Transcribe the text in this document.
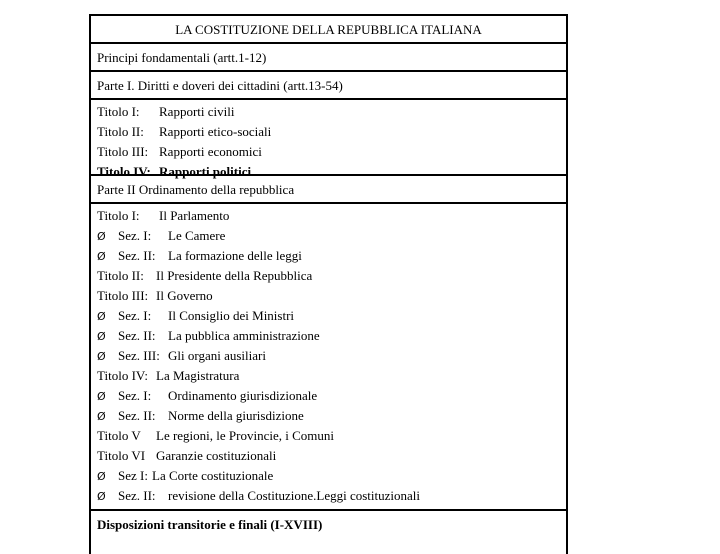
LA COSTITUZIONE DELLA REPUBBLICA ITALIANA
Principi fondamentali (artt.1-12)
Parte I. Diritti e doveri dei cittadini (artt.13-54)
Titolo I: Rapporti civili
Titolo II: Rapporti etico-sociali
Titolo III: Rapporti economici
Titolo IV: Rapporti politici
Parte II Ordinamento della repubblica
Titolo I: Il Parlamento
Ø Sez. I: Le Camere
Ø Sez. II: La formazione delle leggi
Titolo II: Il Presidente della Repubblica
Titolo III: Il Governo
Ø Sez. I: Il Consiglio dei Ministri
Ø Sez. II: La pubblica amministrazione
Ø Sez. III: Gli organi ausiliari
Titolo IV: La Magistratura
Ø Sez. I: Ordinamento giurisdizionale
Ø Sez. II: Norme della giurisdizione
Titolo V Le regioni, le Provincie, i Comuni
Titolo VI Garanzie costituzionali
Ø Sez I: La Corte costituzionale
Ø Sez. II: revisione della Costituzione.Leggi costituzionali
Disposizioni transitorie e finali (I-XVIII)
